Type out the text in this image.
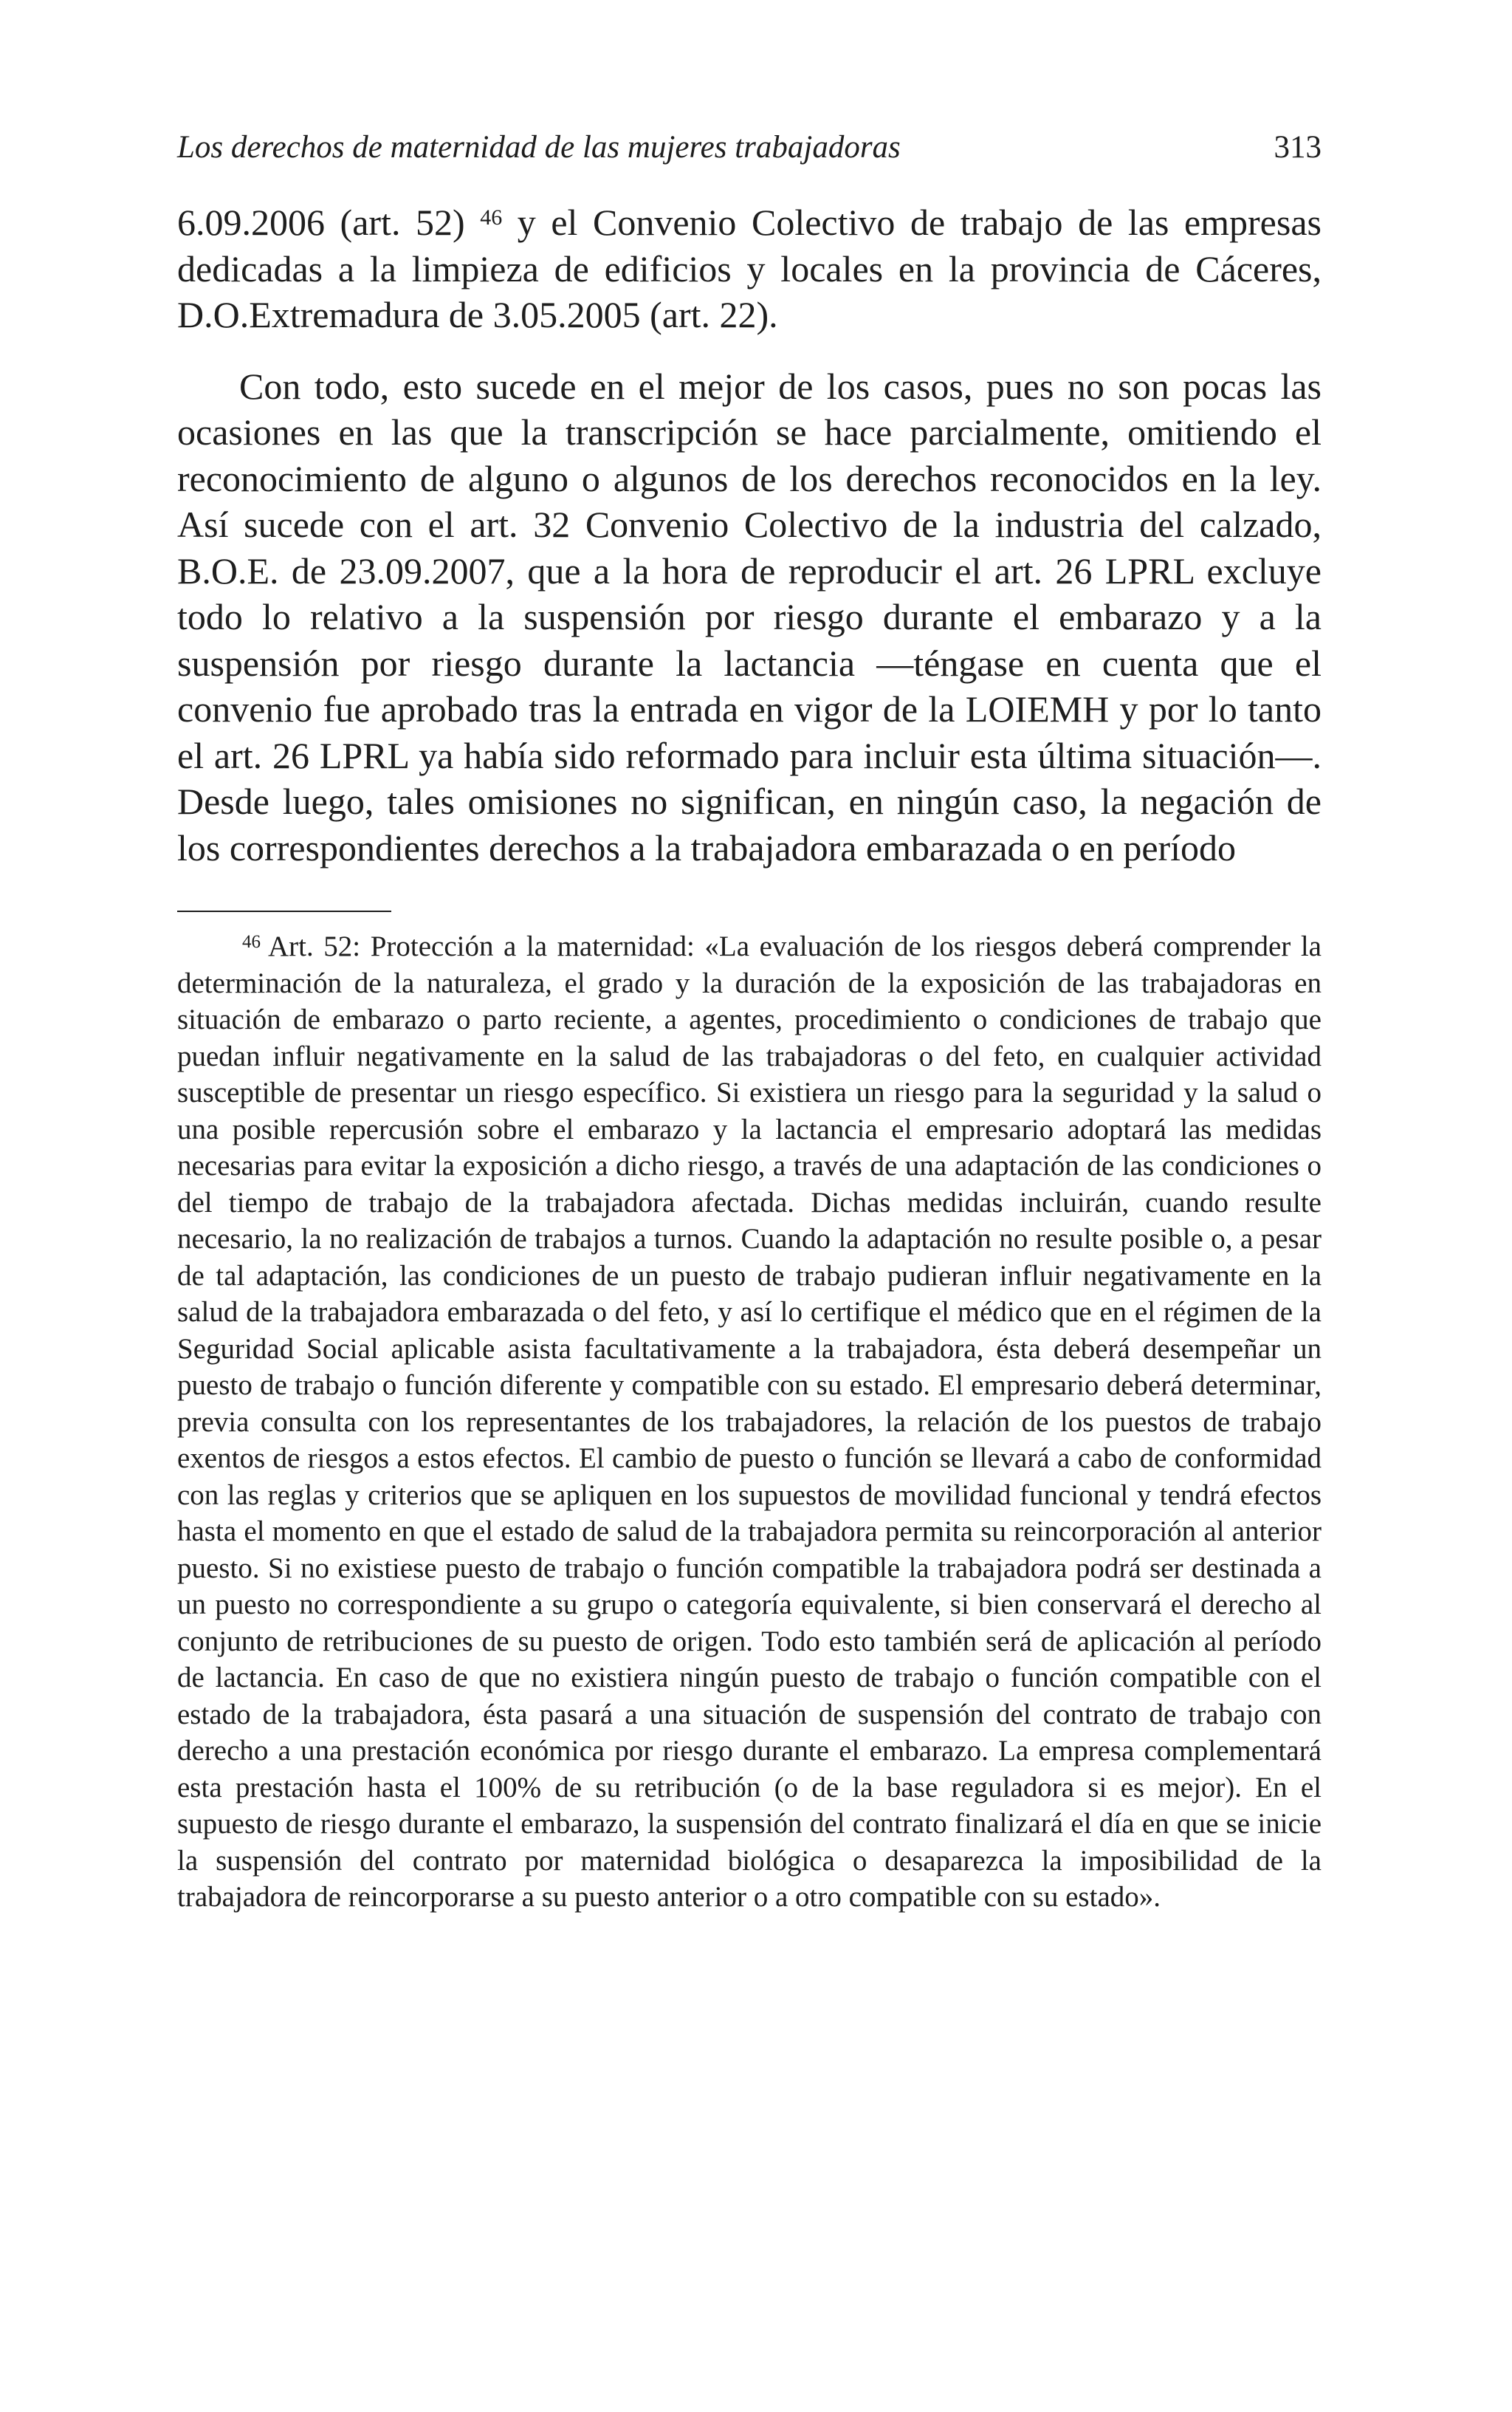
Los derechos de maternidad de las mujeres trabajadoras	313

6.09.2006 (art. 52) $^{46}$ y el Convenio Colectivo de trabajo de las empresas dedicadas a la limpieza de edificios y locales en la provincia de Cáceres, D.O.Extremadura de 3.05.2005 (art. 22).

Con todo, esto sucede en el mejor de los casos, pues no son pocas las ocasiones en las que la transcripción se hace parcialmente, omitiendo el reconocimiento de alguno o algunos de los derechos reconocidos en la ley. Así sucede con el art. 32 Convenio Colectivo de la industria del calzado, B.O.E. de 23.09.2007, que a la hora de reproducir el art. 26 LPRL excluye todo lo relativo a la suspensión por riesgo durante el embarazo y a la suspensión por riesgo durante la lactancia —téngase en cuenta que el convenio fue aprobado tras la entrada en vigor de la LOIEMH y por lo tanto el art. 26 LPRL ya había sido reformado para incluir esta última situación—. Desde luego, tales omisiones no significan, en ningún caso, la negación de los correspondientes derechos a la trabajadora embarazada o en período

$^{46}$ Art. 52: Protección a la maternidad: «La evaluación de los riesgos deberá comprender la determinación de la naturaleza, el grado y la duración de la exposición de las trabajadoras en situación de embarazo o parto reciente, a agentes, procedimiento o condiciones de trabajo que puedan influir negativamente en la salud de las trabajadoras o del feto, en cualquier actividad susceptible de presentar un riesgo específico. Si existiera un riesgo para la seguridad y la salud o una posible repercusión sobre el embarazo y la lactancia el empresario adoptará las medidas necesarias para evitar la exposición a dicho riesgo, a través de una adaptación de las condiciones o del tiempo de trabajo de la trabajadora afectada. Dichas medidas incluirán, cuando resulte necesario, la no realización de trabajos a turnos. Cuando la adaptación no resulte posible o, a pesar de tal adaptación, las condiciones de un puesto de trabajo pudieran influir negativamente en la salud de la trabajadora embarazada o del feto, y así lo certifique el médico que en el régimen de la Seguridad Social aplicable asista facultativamente a la trabajadora, ésta deberá desempeñar un puesto de trabajo o función diferente y compatible con su estado. El empresario deberá determinar, previa consulta con los representantes de los trabajadores, la relación de los puestos de trabajo exentos de riesgos a estos efectos. El cambio de puesto o función se llevará a cabo de conformidad con las reglas y criterios que se apliquen en los supuestos de movilidad funcional y tendrá efectos hasta el momento en que el estado de salud de la trabajadora permita su reincorporación al anterior puesto. Si no existiese puesto de trabajo o función compatible la trabajadora podrá ser destinada a un puesto no correspondiente a su grupo o categoría equivalente, si bien conservará el derecho al conjunto de retribuciones de su puesto de origen. Todo esto también será de aplicación al período de lactancia. En caso de que no existiera ningún puesto de trabajo o función compatible con el estado de la trabajadora, ésta pasará a una situación de suspensión del contrato de trabajo con derecho a una prestación económica por riesgo durante el embarazo. La empresa complementará esta prestación hasta el 100% de su retribución (o de la base reguladora si es mejor). En el supuesto de riesgo durante el embarazo, la suspensión del contrato finalizará el día en que se inicie la suspensión del contrato por maternidad biológica o desaparezca la imposibilidad de la trabajadora de reincorporarse a su puesto anterior o a otro compatible con su estado».
